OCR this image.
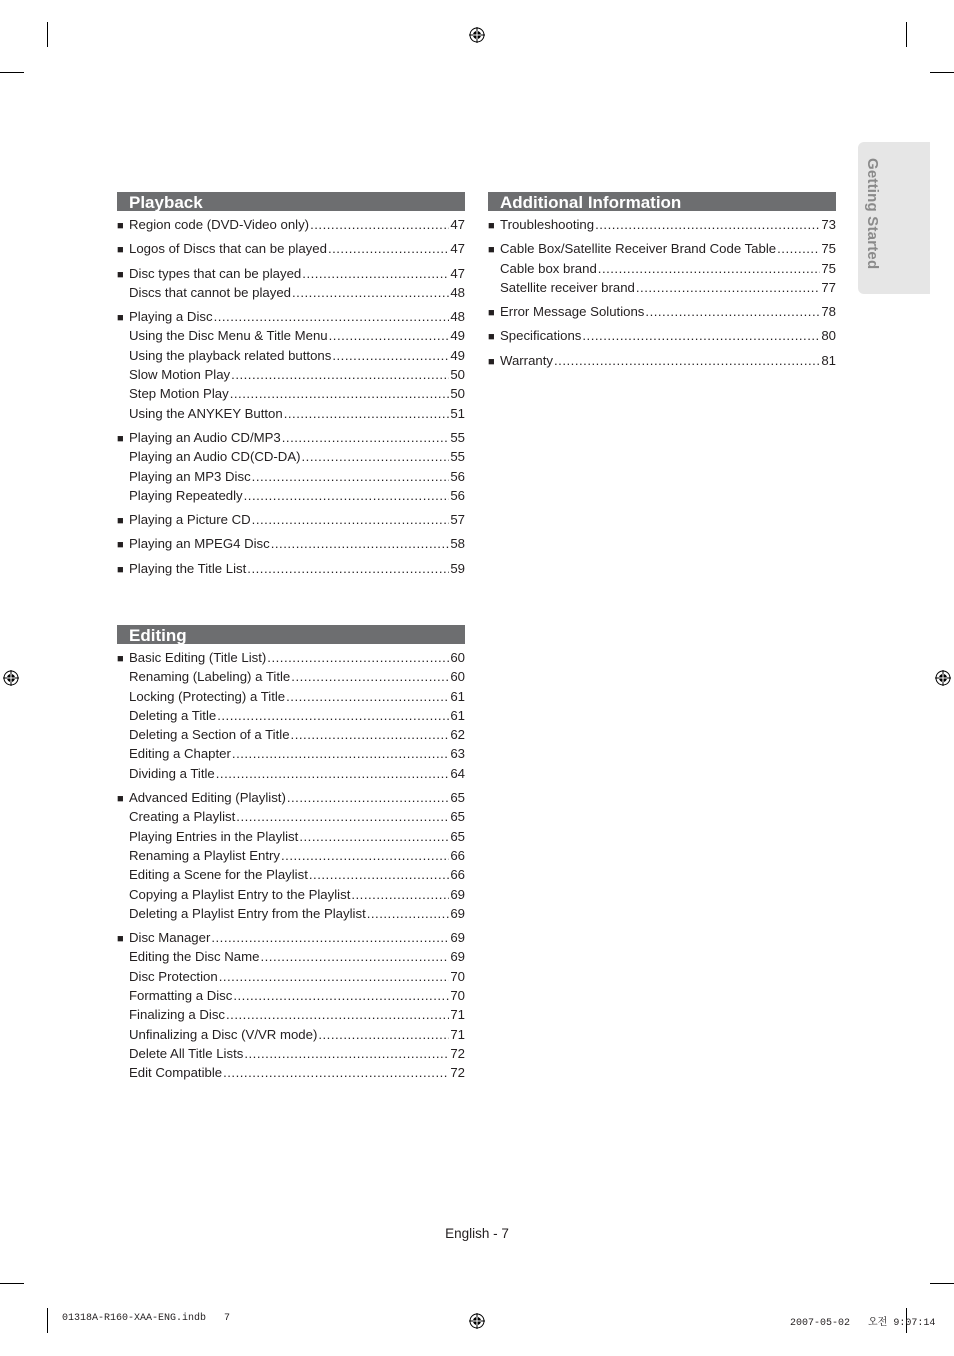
Getting Started
Playback
■ Region code (DVD-Video only) .....	47
■ Logos of Discs that can be played .....	47
■ Disc types that can be played .....	47
Discs that cannot be played .....	48
■ Playing a Disc .....	48
Using the Disc Menu & Title Menu .....	49
Using the playback related buttons .....	49
Slow Motion Play .....	50
Step Motion Play .....	50
Using the ANYKEY Button .....	51
■ Playing an Audio CD/MP3 .....	55
Playing an Audio CD(CD-DA) .....	55
Playing an MP3 Disc .....	56
Playing Repeatedly .....	56
■ Playing a Picture CD .....	57
■ Playing an MPEG4 Disc .....	58
■ Playing the Title List .....	59
Editing
■ Basic Editing (Title List) .....	60
Renaming (Labeling) a Title .....	60
Locking (Protecting) a Title .....	61
Deleting a Title .....	61
Deleting a Section of a Title .....	62
Editing a Chapter .....	63
Dividing a Title .....	64
■ Advanced Editing (Playlist) .....	65
Creating a Playlist .....	65
Playing Entries in the Playlist .....	65
Renaming a Playlist Entry .....	66
Editing a Scene for the Playlist .....	66
Copying a Playlist Entry to the Playlist .....	69
Deleting a Playlist Entry from the Playlist .....	69
■ Disc Manager .....	69
Editing the Disc Name .....	69
Disc Protection .....	70
Formatting a Disc .....	70
Finalizing a Disc .....	71
Unfinalizing a Disc (V/VR mode) .....	71
Delete All Title Lists .....	72
Edit Compatible .....	72
Additional Information
■ Troubleshooting .....	73
■ Cable Box/Satellite Receiver Brand Code Table .....	75
Cable box brand .....	75
Satellite receiver brand .....	77
■ Error Message Solutions .....	78
■ Specifications .....	80
■ Warranty .....	81
English - 7
01318A-R160-XAA-ENG.indb   7	2007-05-02   오전 9:07:14
